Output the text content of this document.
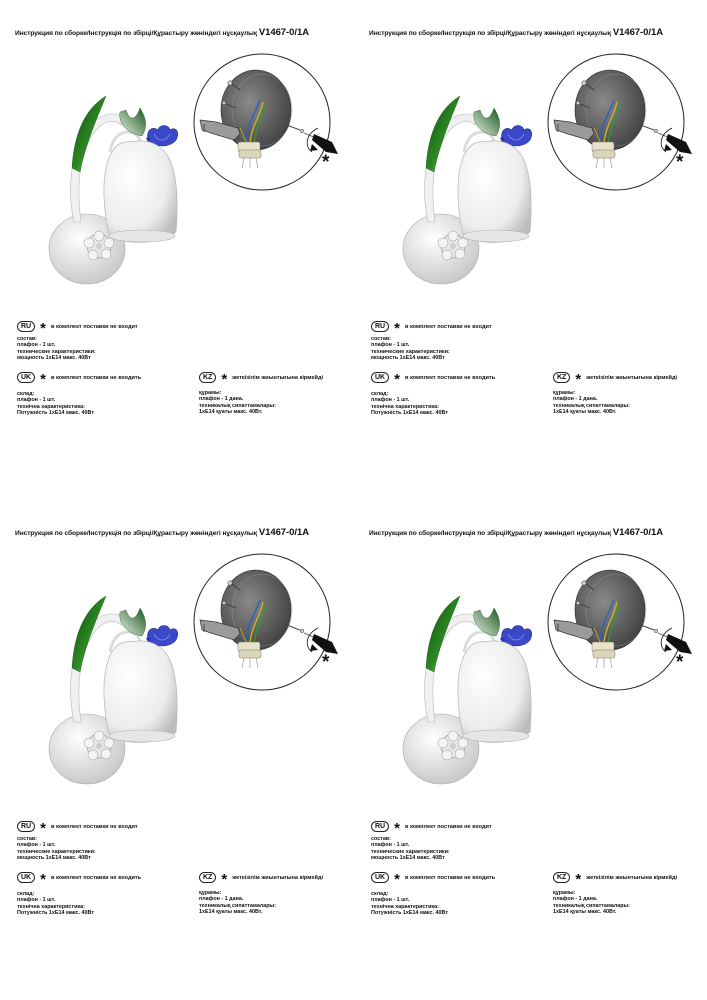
Инструкция по сборке/Інструкція по збірці/Құрастыру жөніндегі нұсқаулық V1467-0/1A
*
RU * в комплект поставки не входит
состав:
плафон - 1 шт.
технические характеристики:
мощность 1xE14 макс. 40Вт
UK * в комплект поставки не входить
склад:
плафон - 1 шт.
технічна характеристика:
Потужність 1xE14 макс. 40Вт
KZ * жеткізілім жиынтығына кірмейді
құрамы:
плафон - 1 дана.
техникалық сипаттамалары:
1xE14 қуаты макс. 40Вт.
Инструкция по сборке/Інструкція по збірці/Құрастыру жөніндегі нұсқаулық V1467-0/1A
*
RU * в комплект поставки не входит
состав:
плафон - 1 шт.
технические характеристики:
мощность 1xE14 макс. 40Вт
UK * в комплект поставки не входить
склад:
плафон - 1 шт.
технічна характеристика:
Потужність 1xE14 макс. 40Вт
KZ * жеткізілім жиынтығына кірмейді
құрамы:
плафон - 1 дана.
техникалық сипаттамалары:
1xE14 қуаты макс. 40Вт.
Инструкция по сборке/Інструкція по збірці/Құрастыру жөніндегі нұсқаулық V1467-0/1A
*
RU * в комплект поставки не входит
состав:
плафон - 1 шт.
технические характеристики:
мощность 1xE14 макс. 40Вт
UK * в комплект поставки не входить
склад:
плафон - 1 шт.
технічна характеристика:
Потужність 1xE14 макс. 40Вт
KZ * жеткізілім жиынтығына кірмейді
құрамы:
плафон - 1 дана.
техникалық сипаттамалары:
1xE14 қуаты макс. 40Вт.
Инструкция по сборке/Інструкція по збірці/Құрастыру жөніндегі нұсқаулық V1467-0/1A
*
RU * в комплект поставки не входит
состав:
плафон - 1 шт.
технические характеристики:
мощность 1xE14 макс. 40Вт
UK * в комплект поставки не входить
склад:
плафон - 1 шт.
технічна характеристика:
Потужність 1xE14 макс. 40Вт
KZ * жеткізілім жиынтығына кірмейді
құрамы:
плафон - 1 дана.
техникалық сипаттамалары:
1xE14 қуаты макс. 40Вт.
